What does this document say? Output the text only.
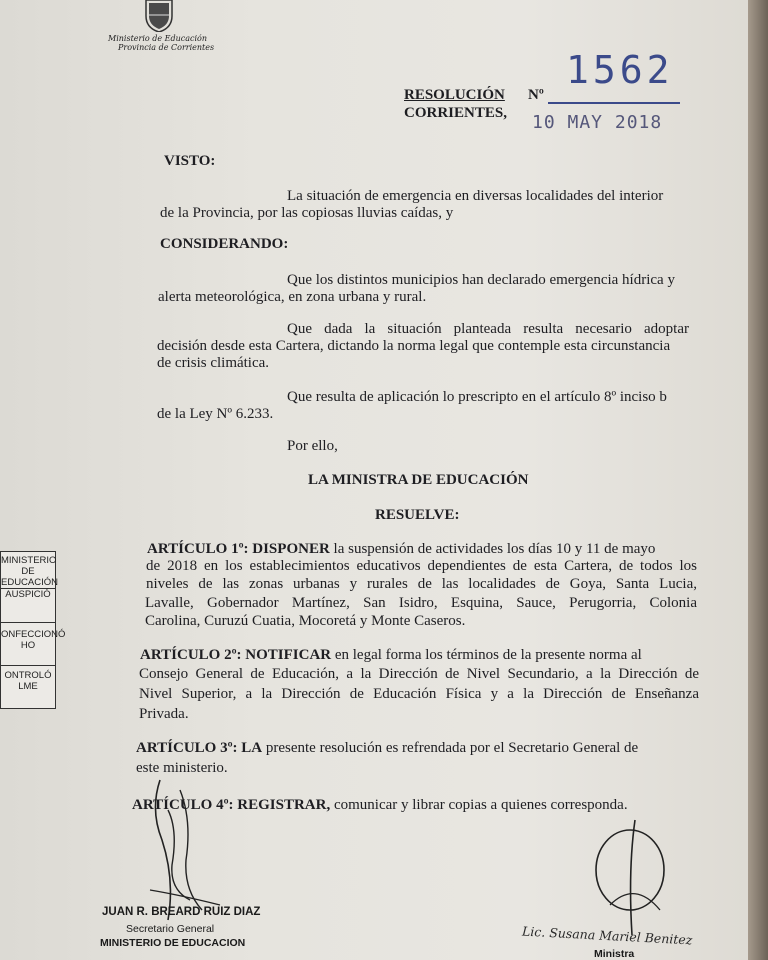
Ministerio de Educación
Provincia de Corrientes
RESOLUCIÓN Nº
1562
CORRIENTES, 10 MAY 2018
VISTO:
La situación de emergencia en diversas localidades del interior
de la Provincia, por las copiosas lluvias caídas, y
CONSIDERANDO:
Que los distintos municipios han declarado emergencia hídrica y
alerta meteorológica, en zona urbana y rural.
Que dada la situación planteada resulta necesario adoptar
decisión desde esta Cartera, dictando la norma legal que contemple esta circunstancia
de crisis climática.
Que resulta de aplicación lo prescripto en el artículo 8º inciso b
de la Ley Nº 6.233.
Por ello,
LA MINISTRA DE EDUCACIÓN
RESUELVE:
ARTÍCULO 1º: DISPONER la suspensión de actividades los días 10 y 11 de mayo
de 2018 en los establecimientos educativos dependientes de esta Cartera, de todos los
niveles de las zonas urbanas y rurales de las localidades de Goya, Santa Lucia,
Lavalle, Gobernador Martínez, San Isidro, Esquina, Sauce, Perugorria, Colonia
Carolina, Curuzú Cuatia, Mocoretá y Monte Caseros.
ARTÍCULO 2º: NOTIFICAR en legal forma los términos de la presente norma al
Consejo General de Educación, a la Dirección de Nivel Secundario, a la Dirección de
Nivel Superior, a la Dirección de Educación Física y a la Dirección de Enseñanza
Privada.
ARTÍCULO 3º: LA presente resolución es refrendada por el Secretario General de
este ministerio.
ARTÍCULO 4º: REGISTRAR, comunicar y librar copias a quienes corresponda.
MINISTERIO
DE
EDUCACIÓN
AUSPICIÓ
ONFECCIONÓ
HO
ONTROLÓ
LME
JUAN R. BREARD RUIZ DIAZ
Secretario General
MINISTERIO DE EDUCACION	Lic. Susana Mariel Benitez
Ministra
